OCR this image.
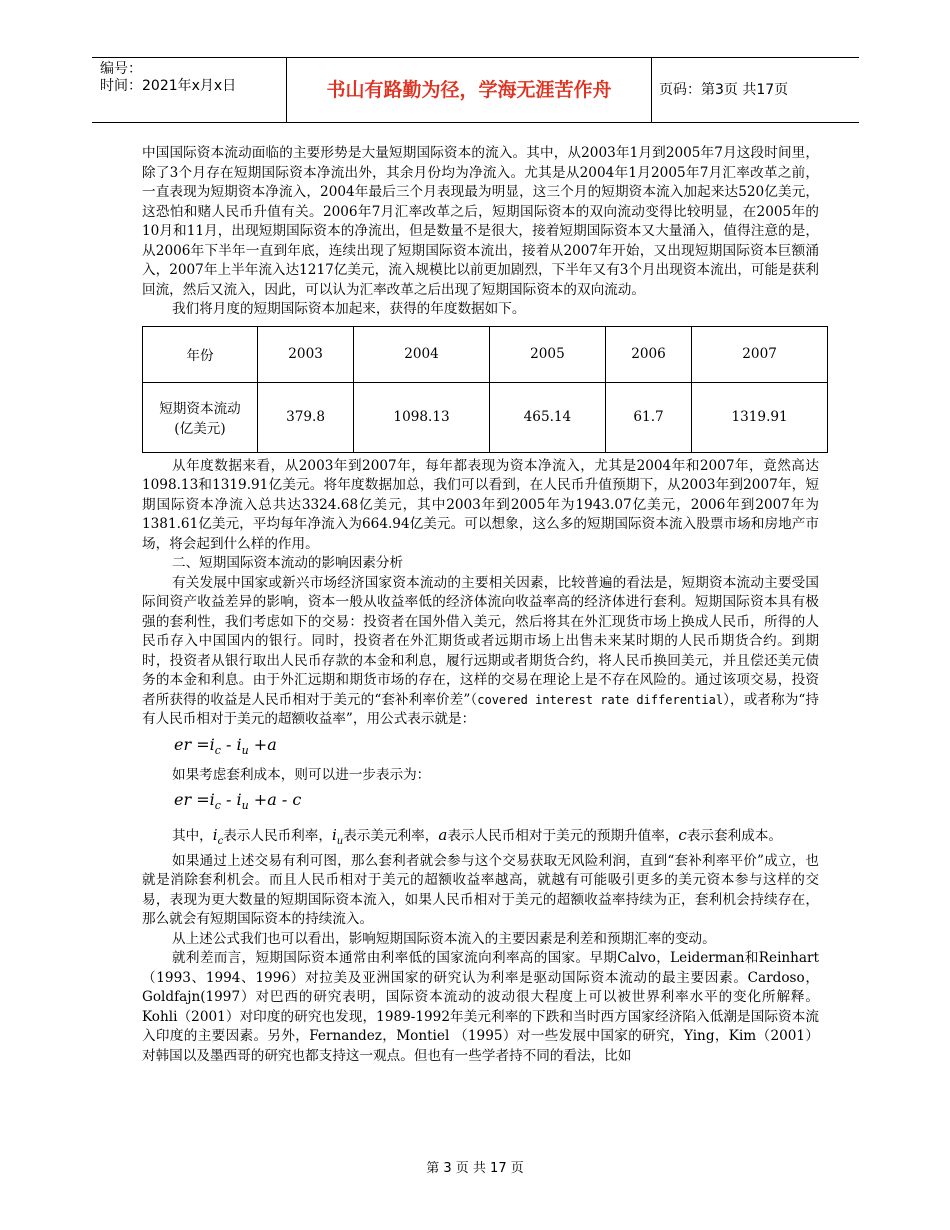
编号：
时间：2021年x月x日	书山有路勤为径，学海无涯苦作舟	页码：第3页 共17页

中国国际资本流动面临的主要形势是大量短期国际资本的流入。其中，从2003年1月到2005年7月这段时间里，除了3个月存在短期国际资本净流出外，其余月份均为净流入。尤其是从2004年1月2005年7月汇率改革之前，一直表现为短期资本净流入，2004年最后三个月表现最为明显，这三个月的短期资本流入加起来达520亿美元，这恐怕和赌人民币升值有关。2006年7月汇率改革之后，短期国际资本的双向流动变得比较明显，在2005年的10月和11月，出现短期国际资本的净流出，但是数量不是很大，接着短期国际资本又大量涌入，值得注意的是，从2006年下半年一直到年底，连续出现了短期国际资本流出，接着从2007年开始，又出现短期国际资本巨额涌入，2007年上半年流入达1217亿美元，流入规模比以前更加剧烈，下半年又有3个月出现资本流出，可能是获利回流，然后又流入，因此，可以认为汇率改革之后出现了短期国际资本的双向流动。

我们将月度的短期国际资本加起来，获得的年度数据如下。

年份	2003	2004	2005	2006	2007

短期资本流动
(亿美元)	379.8	1098.13	465.14	61.7	1319.91

从年度数据来看，从2003年到2007年，每年都表现为资本净流入，尤其是2004年和2007年，竟然高达1098.13和1319.91亿美元。将年度数据加总，我们可以看到，在人民币升值预期下，从2003年到2007年，短期国际资本净流入总共达3324.68亿美元，其中2003年到2005年为1943.07亿美元，2006年到2007年为1381.61亿美元，平均每年净流入为664.94亿美元。可以想象，这么多的短期国际资本流入股票市场和房地产市场，将会起到什么样的作用。

二、短期国际资本流动的影响因素分析

有关发展中国家或新兴市场经济国家资本流动的主要相关因素，比较普遍的看法是，短期资本流动主要受国际间资产收益差异的影响，资本一般从收益率低的经济体流向收益率高的经济体进行套利。短期国际资本具有极强的套利性，我们考虑如下的交易：投资者在国外借入美元，然后将其在外汇现货市场上换成人民币，所得的人民币存入中国国内的银行。同时，投资者在外汇期货或者远期市场上出售未来某时期的人民币期货合约。到期时，投资者从银行取出人民币存款的本金和利息，履行远期或者期货合约，将人民币换回美元，并且偿还美元债务的本金和利息。由于外汇远期和期货市场的存在，这样的交易在理论上是不存在风险的。通过该项交易，投资者所获得的收益是人民币相对于美元的“套补利率价差”（covered interest rate differential），或者称为“持有人民币相对于美元的超额收益率”，用公式表示就是：

er $=i_c - i_u +a$

如果考虑套利成本，则可以进一步表示为：

er $=i_c - i_u +a - c$

其中，$i_c$表示人民币利率，$i_u$表示美元利率，a表示人民币相对于美元的预期升值率，c表示套利成本。

如果通过上述交易有利可图，那么套利者就会参与这个交易获取无风险利润，直到“套补利率平价”成立，也就是消除套利机会。而且人民币相对于美元的超额收益率越高，就越有可能吸引更多的美元资本参与这样的交易，表现为更大数量的短期国际资本流入，如果人民币相对于美元的超额收益率持续为正，套利机会持续存在，那么就会有短期国际资本的持续流入。

从上述公式我们也可以看出，影响短期国际资本流入的主要因素是利差和预期汇率的变动。

就利差而言，短期国际资本通常由利率低的国家流向利率高的国家。早期Calvo，Leiderman和Reinhart（1993、1994、1996）对拉美及亚洲国家的研究认为利率是驱动国际资本流动的最主要因素。Cardoso，Goldfajn(1997）对巴西的研究表明，国际资本流动的波动很大程度上可以被世界利率水平的变化所解释。Kohli（2001）对印度的研究也发现，1989-1992年美元利率的下跌和当时西方国家经济陷入低潮是国际资本流入印度的主要因素。另外，Fernandez，Montiel （1995）对一些发展中国家的研究，Ying，Kim（2001）对韩国以及墨西哥的研究也都支持这一观点。但也有一些学者持不同的看法，比如

第 3 页 共 17 页
